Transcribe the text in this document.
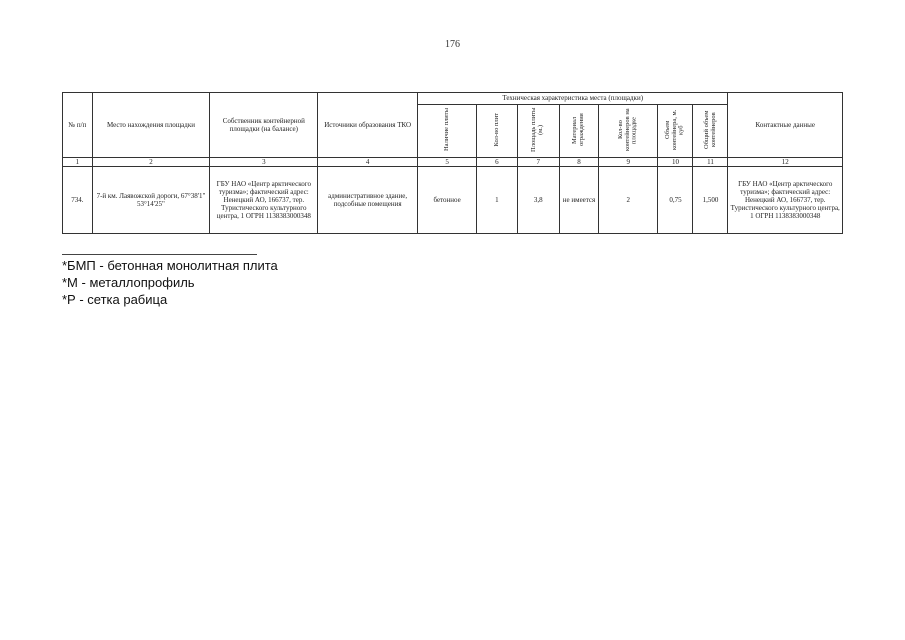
176
№ п/п	Место нахождения площадки	Собственник контейнерной площадки (на балансе)	Источники образования ТКО	Техническая характеристика места (площадки)							Контактные данные
				Наличие плиты	Кол-во плит	Площадь плиты (м.)	Материал ограждения	Кол-во контейнеров на площадке	Объем контейнера, м. куб	Общий объем контейнеров	
1	2	3	4	5	6	7	8	9	10	11	12
734.	7-й км. Лаявожской дороги, 67°38'1" 53°14'25"	ГБУ НАО «Центр арктического туризма»; фактический адрес: Ненецкий АО, 166737, тер. Туристического культурного центра, 1 ОГРН 1138383000348	административное здание, подсобные помещения	бетонное	1	3,8	не имеется	2	0,75	1,500	ГБУ НАО «Центр арктического туризма»; фактический адрес: Ненецкий АО, 166737, тер. Туристического культурного центра, 1 ОГРН 1138383000348
*БМП - бетонная монолитная плита
*М - металлопрофиль
*Р - сетка рабица
